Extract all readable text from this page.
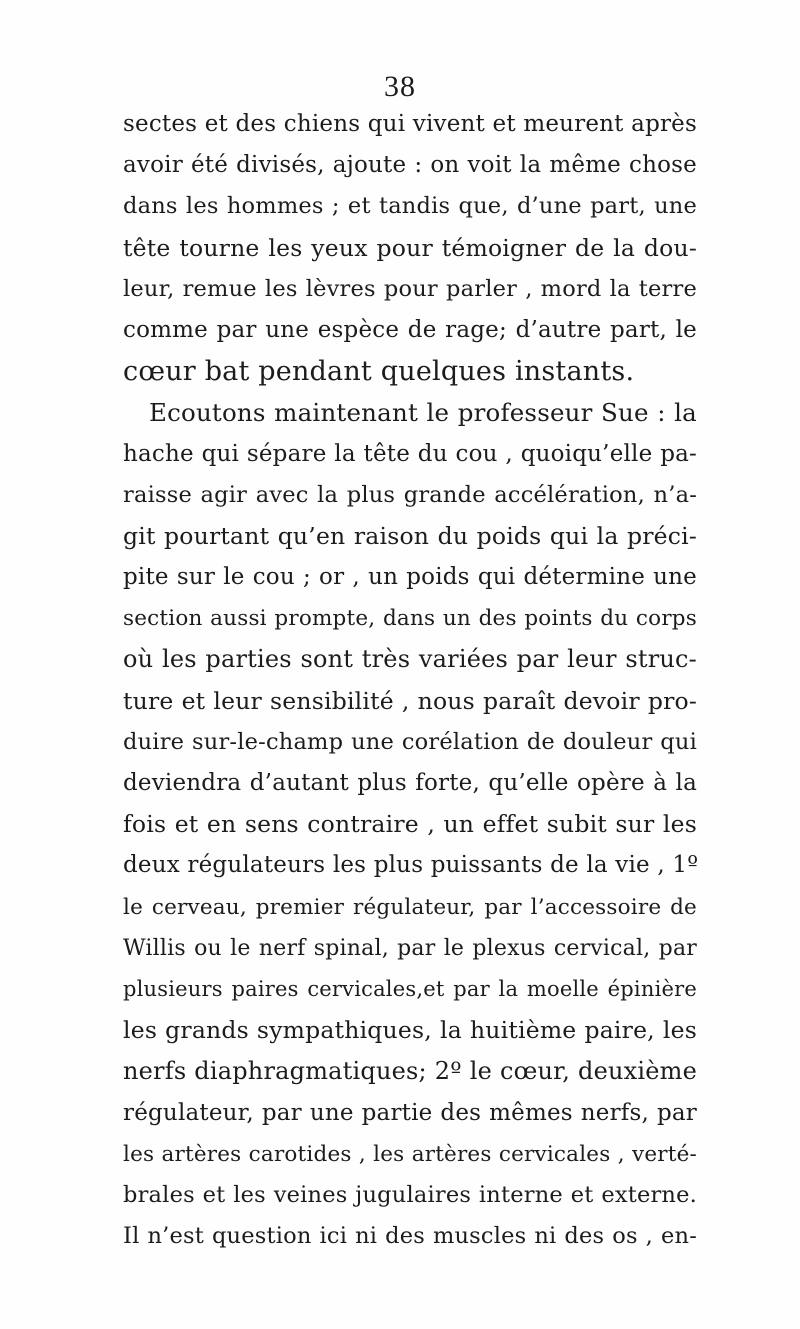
38
sectes et des chiens qui vivent et meurent après
avoir été divisés, ajoute : on voit la même chose
dans les hommes ; et tandis que, d’une part, une
tête tourne les yeux pour témoigner de la dou-
leur, remue les lèvres pour parler , mord la terre
comme par une espèce de rage; d’autre part, le
cœur bat pendant quelques instants.
Ecoutons maintenant le professeur Sue : la
hache qui sépare la tête du cou , quoiqu’elle pa-
raisse agir avec la plus grande accélération, n’a-
git pourtant qu’en raison du poids qui la préci-
pite sur le cou ; or , un poids qui détermine une
section aussi prompte, dans un des points du corps
où les parties sont très variées par leur struc-
ture et leur sensibilité , nous paraît devoir pro-
duire sur-le-champ une corélation de douleur qui
deviendra d’autant plus forte, qu’elle opère à la
fois et en sens contraire , un effet subit sur les
deux régulateurs les plus puissants de la vie , 1º
le cerveau, premier régulateur, par l’accessoire de
Willis ou le nerf spinal, par le plexus cervical, par
plusieurs paires cervicales,et par la moelle épinière
les grands sympathiques, la huitième paire, les
nerfs diaphragmatiques; 2º le cœur, deuxième
régulateur, par une partie des mêmes nerfs, par
les artères carotides , les artères cervicales , verté-
brales et les veines jugulaires interne et externe.
Il n’est question ici ni des muscles ni des os , en-
